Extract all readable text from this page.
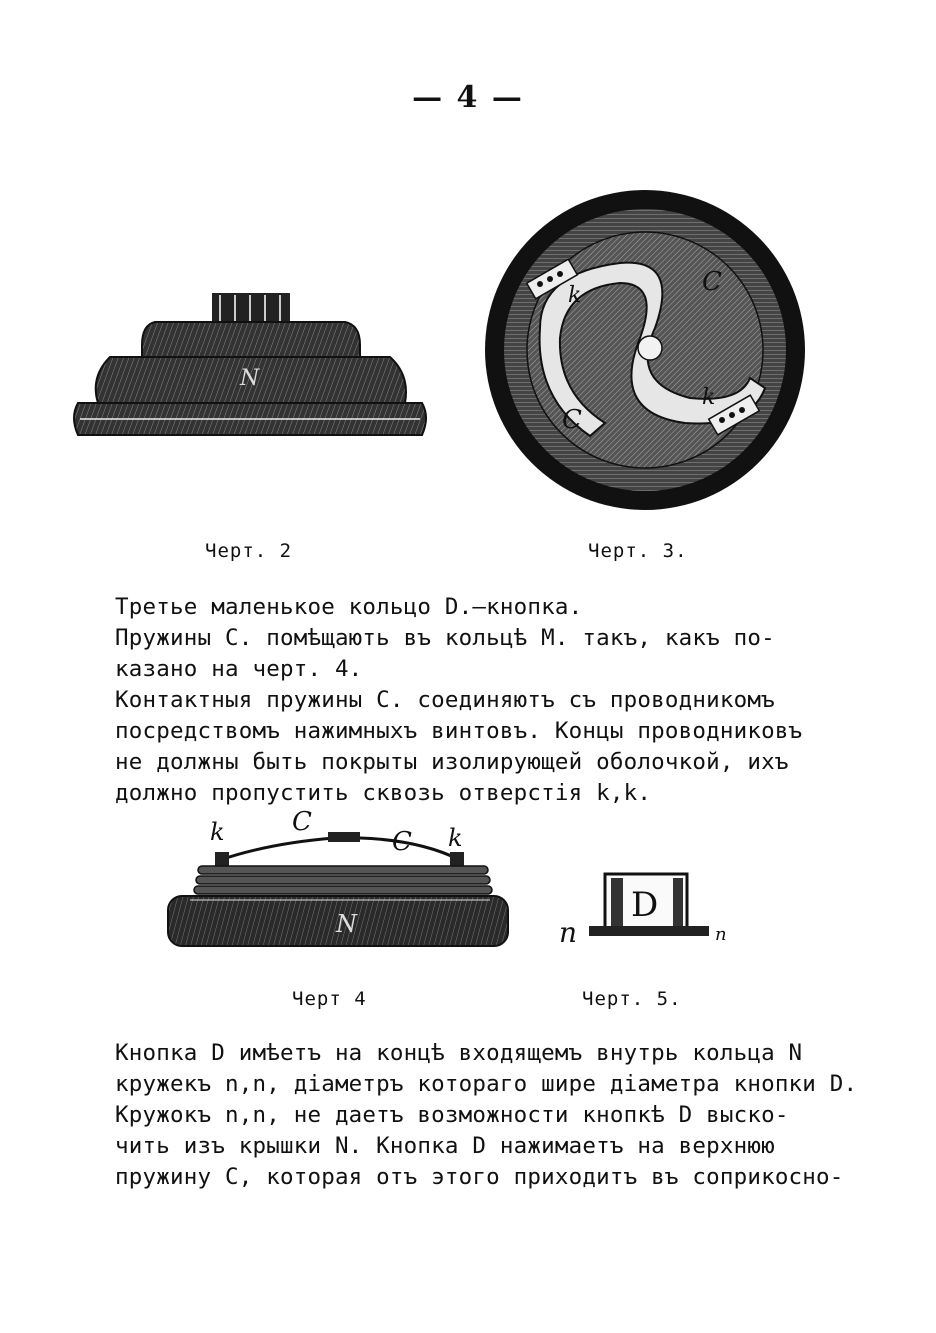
— 4 —
N
C
k
C
k
Черт. 2	Черт. 3.

Третье маленькое кольцо D.—кнопка.

Пружины C. помѣщають въ кольцѣ M. такъ, какъ по-
казано на черт. 4.

Контактныя пружины C. соединяютъ съ проводникомъ
посредствомъ нажимныхъ винтовъ. Концы проводниковъ
не должны быть покрыты изолирующей оболочкой, ихъ
должно пропустить сквозь отверстія k,k.

k	C
C k
N	D
n	n
Черт 4	Черт. 5.

Кнопка D имѣетъ на концѣ входящемъ внутрь кольца N
кружекъ n,n, діаметръ котораго шире діаметра кнопки D.

Кружокъ n,n, не даетъ возможности кнопкѣ D выско-
чить изъ крышки N. Кнопка D нажимаетъ на верхнюю
пружину C, которая отъ этого приходитъ въ соприкосно-
